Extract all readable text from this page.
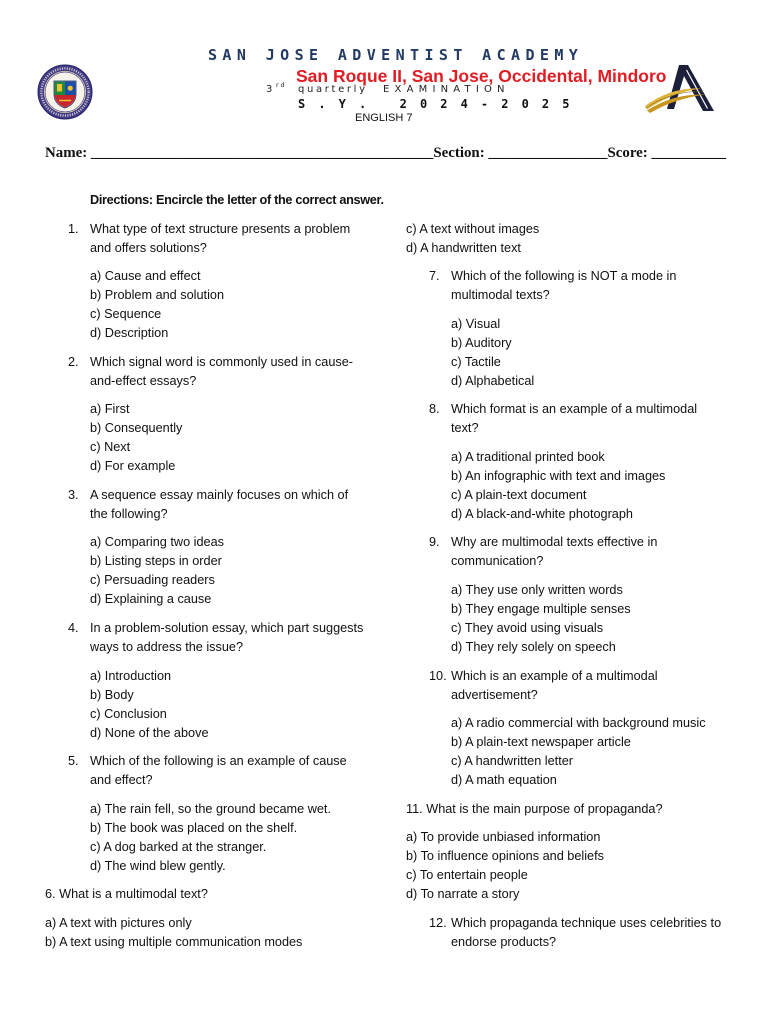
SAN JOSE ADVENTIST ACADEMY
San Roque II, San Jose, Occidental, Mindoro
3 rd quarterly EXAMINATION
S.Y. 2024-2025
ENGLISH 7
Name: ______________________________________________Section: ________________Score: __________
Directions: Encircle the letter of the correct answer.
1. What type of text structure presents a problem
and offers solutions?
a) Cause and effect
b) Problem and solution
c) Sequence
d) Description
2. Which signal word is commonly used in cause-
and-effect essays?
a) First
b) Consequently
c) Next
d) For example
3. A sequence essay mainly focuses on which of
the following?
a) Comparing two ideas
b) Listing steps in order
c) Persuading readers
d) Explaining a cause
4. In a problem-solution essay, which part suggests
ways to address the issue?
a) Introduction
b) Body
c) Conclusion
d) None of the above
5. Which of the following is an example of cause
and effect?
a) The rain fell, so the ground became wet.
b) The book was placed on the shelf.
c) A dog barked at the stranger.
d) The wind blew gently.
6. What is a multimodal text?
a) A text with pictures only
b) A text using multiple communication modes
c) A text without images
d) A handwritten text
7. Which of the following is NOT a mode in
multimodal texts?
a) Visual
b) Auditory
c) Tactile
d) Alphabetical
8. Which format is an example of a multimodal
text?
a) A traditional printed book
b) An infographic with text and images
c) A plain-text document
d) A black-and-white photograph
9. Why are multimodal texts effective in
communication?
a) They use only written words
b) They engage multiple senses
c) They avoid using visuals
d) They rely solely on speech
10. Which is an example of a multimodal
advertisement?
a) A radio commercial with background music
b) A plain-text newspaper article
c) A handwritten letter
d) A math equation
11. What is the main purpose of propaganda?
a) To provide unbiased information
b) To influence opinions and beliefs
c) To entertain people
d) To narrate a story
12. Which propaganda technique uses celebrities to
endorse products?
